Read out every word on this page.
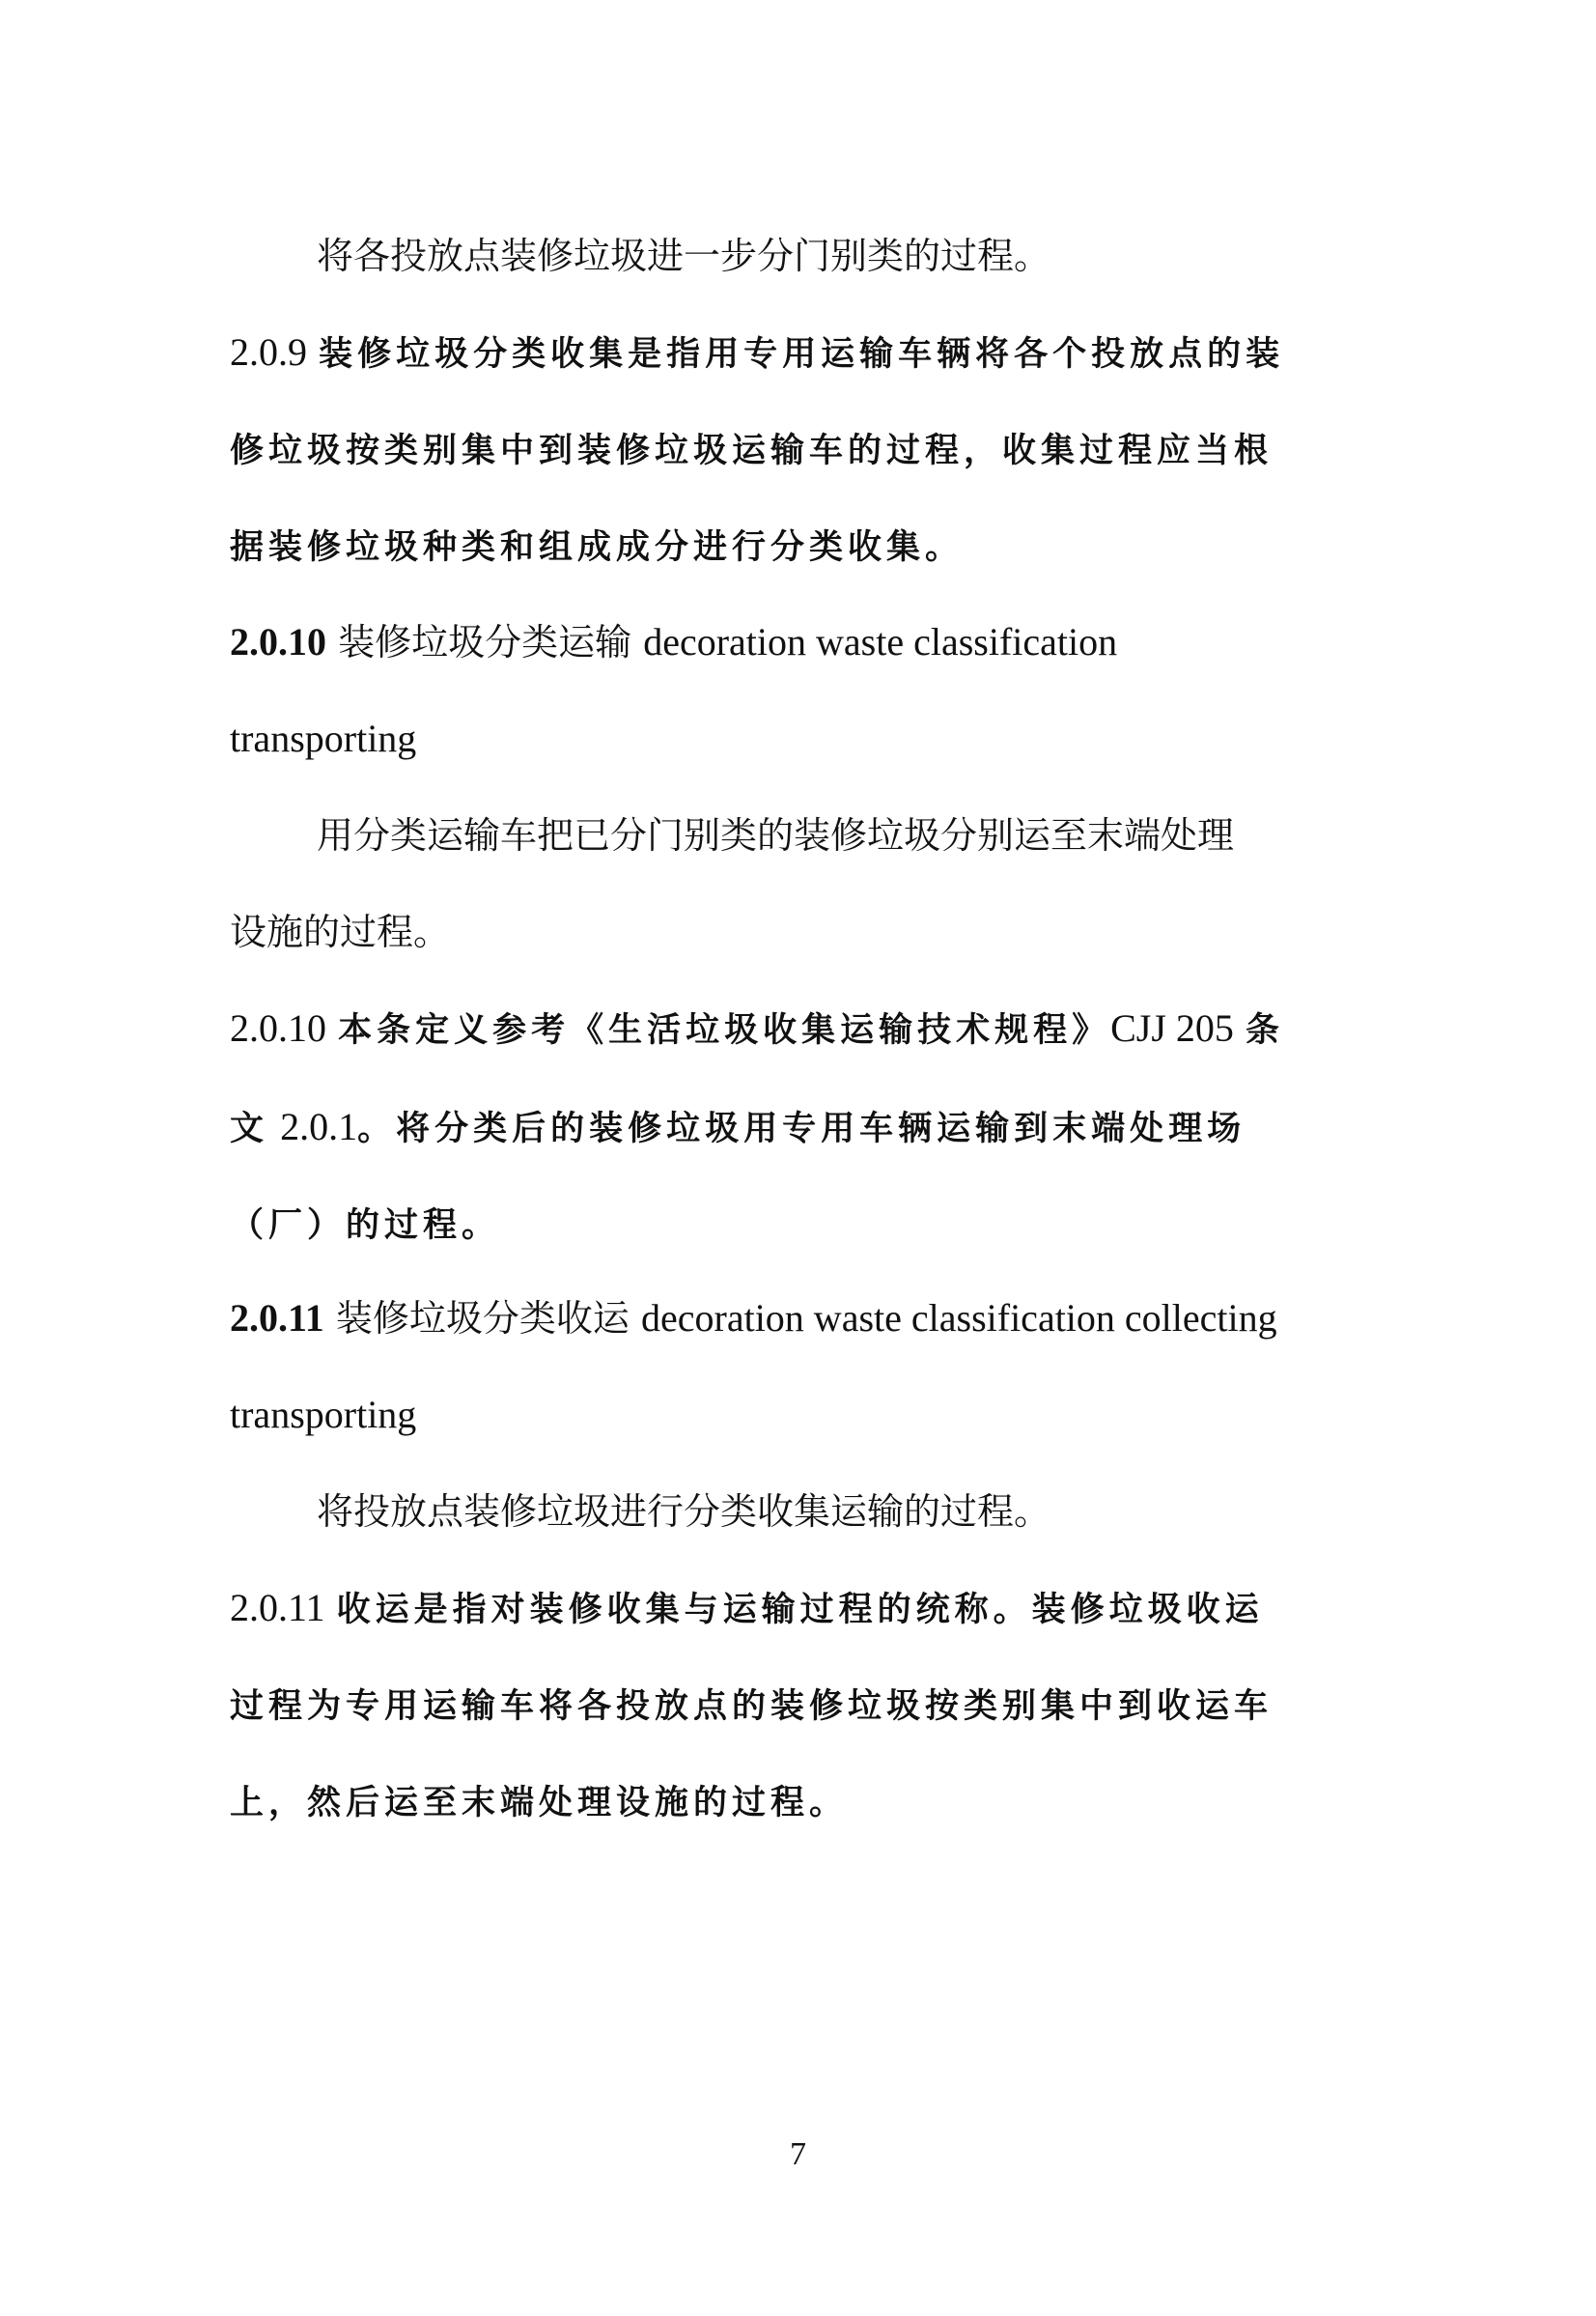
将各投放点装修垃圾进一步分门别类的过程。
2.0.9 装修垃圾分类收集是指用专用运输车辆将各个投放点的装
修垃圾按类别集中到装修垃圾运输车的过程，收集过程应当根
据装修垃圾种类和组成成分进行分类收集。
2.0.10 装修垃圾分类运输 decoration waste classification
transporting
用分类运输车把已分门别类的装修垃圾分别运至末端处理
设施的过程。
2.0.10 本条定义参考《生活垃圾收集运输技术规程》CJJ 205 条
文 2.0.1。将分类后的装修垃圾用专用车辆运输到末端处理场
（厂）的过程。
2.0.11 装修垃圾分类收运 decoration waste classification collecting
transporting
将投放点装修垃圾进行分类收集运输的过程。
2.0.11 收运是指对装修收集与运输过程的统称。装修垃圾收运
过程为专用运输车将各投放点的装修垃圾按类别集中到收运车
上，然后运至末端处理设施的过程。
7
